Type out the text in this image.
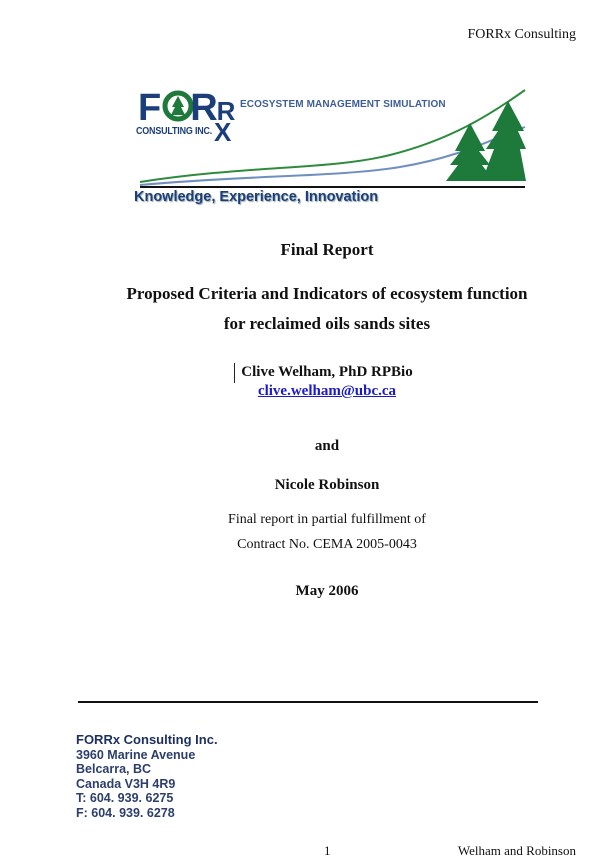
FORRx Consulting
F RR
CONSULTING INC. X
ECOSYSTEM MANAGEMENT SIMULATION
Knowledge, Experience, Innovation
Final Report
Proposed Criteria and Indicators of ecosystem function
for reclaimed oils sands sites
Clive Welham, PhD RPBio
clive.welham@ubc.ca
and
Nicole Robinson
Final report in partial fulfillment of
Contract No. CEMA 2005-0043
May 2006
FORRx Consulting Inc.
3960 Marine Avenue
Belcarra, BC
Canada V3H 4R9
T: 604. 939. 6275
F: 604. 939. 6278
1	Welham and Robinson
